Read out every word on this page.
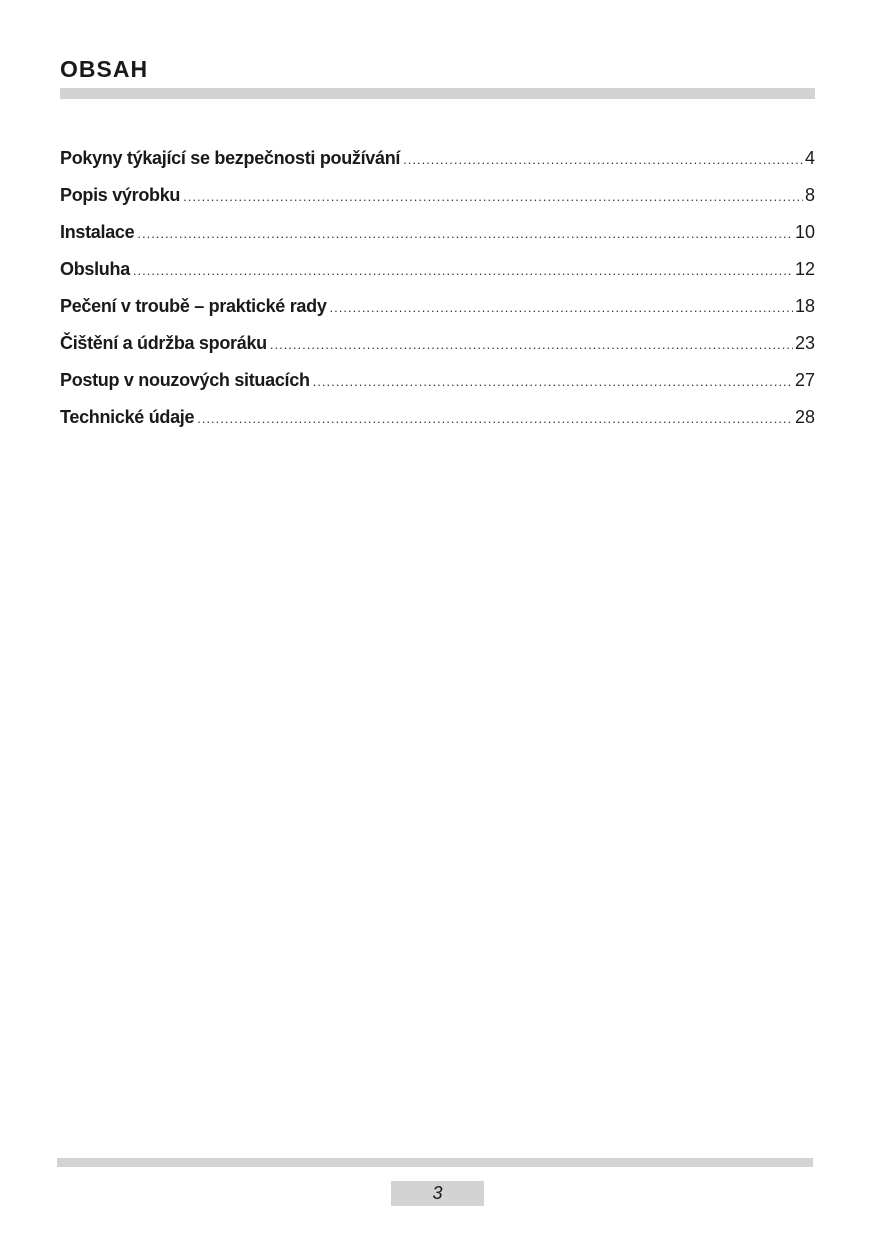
OBSAH
Pokyny týkající se bezpečnosti používání .....	4
Popis výrobku .....	8
Instalace .....	10
Obsluha .....	12
Pečení v troubě – praktické rady .....	18
Čištění a údržba sporáku .....	23
Postup v nouzových situacích .....	27
Technické údaje .....	28
3
